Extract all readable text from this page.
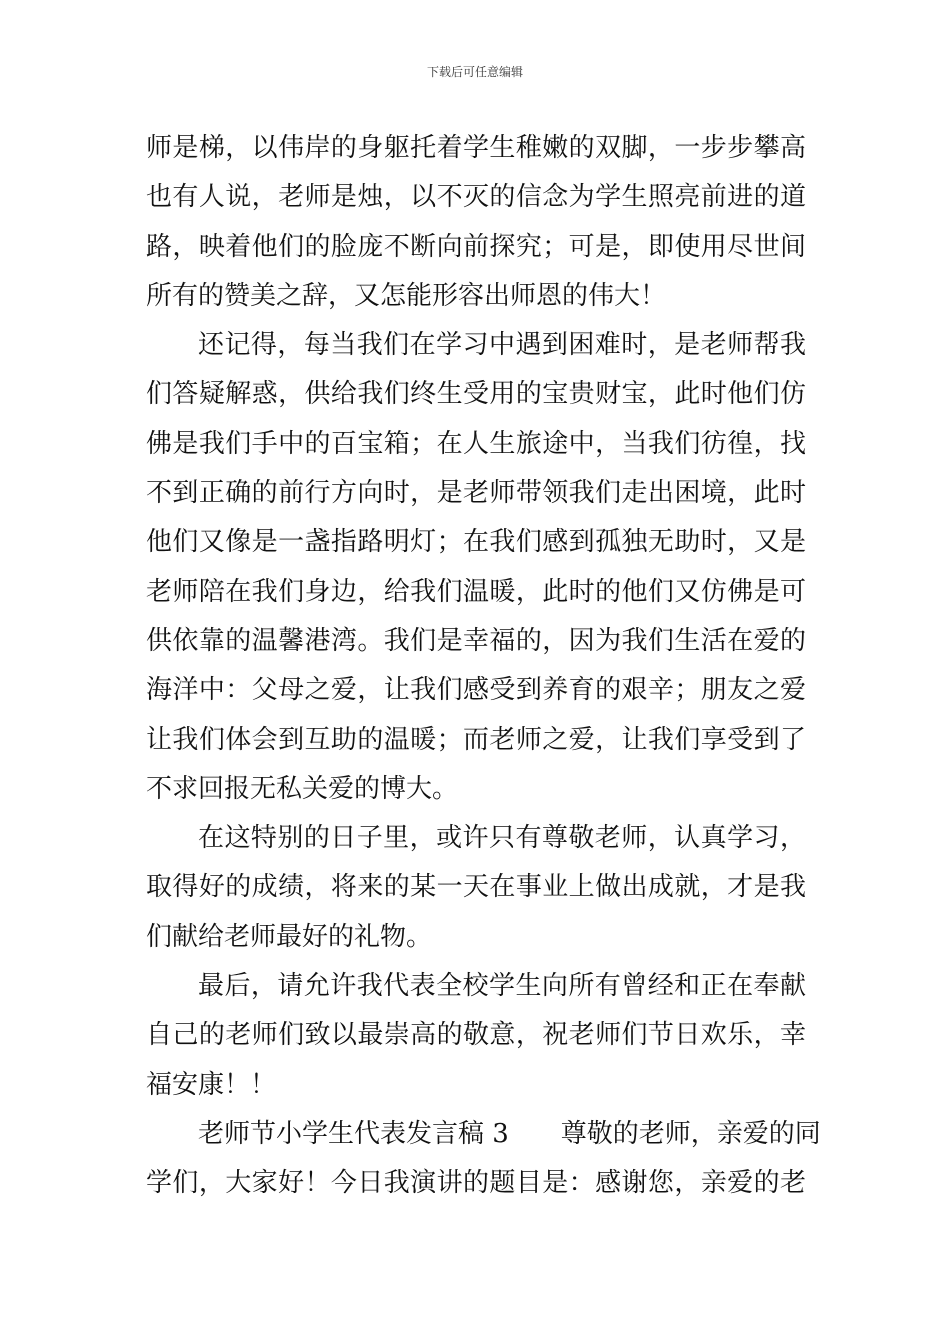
下载后可任意编辑
师是梯，以伟岸的身躯托着学生稚嫩的双脚，一步步攀高
也有人说，老师是烛，以不灭的信念为学生照亮前进的道
路，映着他们的脸庞不断向前探究；可是，即使用尽世间
所有的赞美之辞，又怎能形容出师恩的伟大！
还记得，每当我们在学习中遇到困难时，是老师帮我
们答疑解惑，供给我们终生受用的宝贵财宝，此时他们仿
佛是我们手中的百宝箱；在人生旅途中，当我们彷徨，找
不到正确的前行方向时，是老师带领我们走出困境，此时
他们又像是一盏指路明灯；在我们感到孤独无助时，又是
老师陪在我们身边，给我们温暖，此时的他们又仿佛是可
供依靠的温馨港湾。我们是幸福的，因为我们生活在爱的
海洋中：父母之爱，让我们感受到养育的艰辛；朋友之爱
让我们体会到互助的温暖；而老师之爱，让我们享受到了
不求回报无私关爱的博大。
在这特别的日子里，或许只有尊敬老师，认真学习，
取得好的成绩，将来的某一天在事业上做出成就，才是我
们献给老师最好的礼物。
最后，请允许我代表全校学生向所有曾经和正在奉献
自己的老师们致以最崇高的敬意，祝老师们节日欢乐，幸
福安康！！
老师节小学生代表发言稿 3　　尊敬的老师，亲爱的同
学们，大家好！今日我演讲的题目是：感谢您，亲爱的老
